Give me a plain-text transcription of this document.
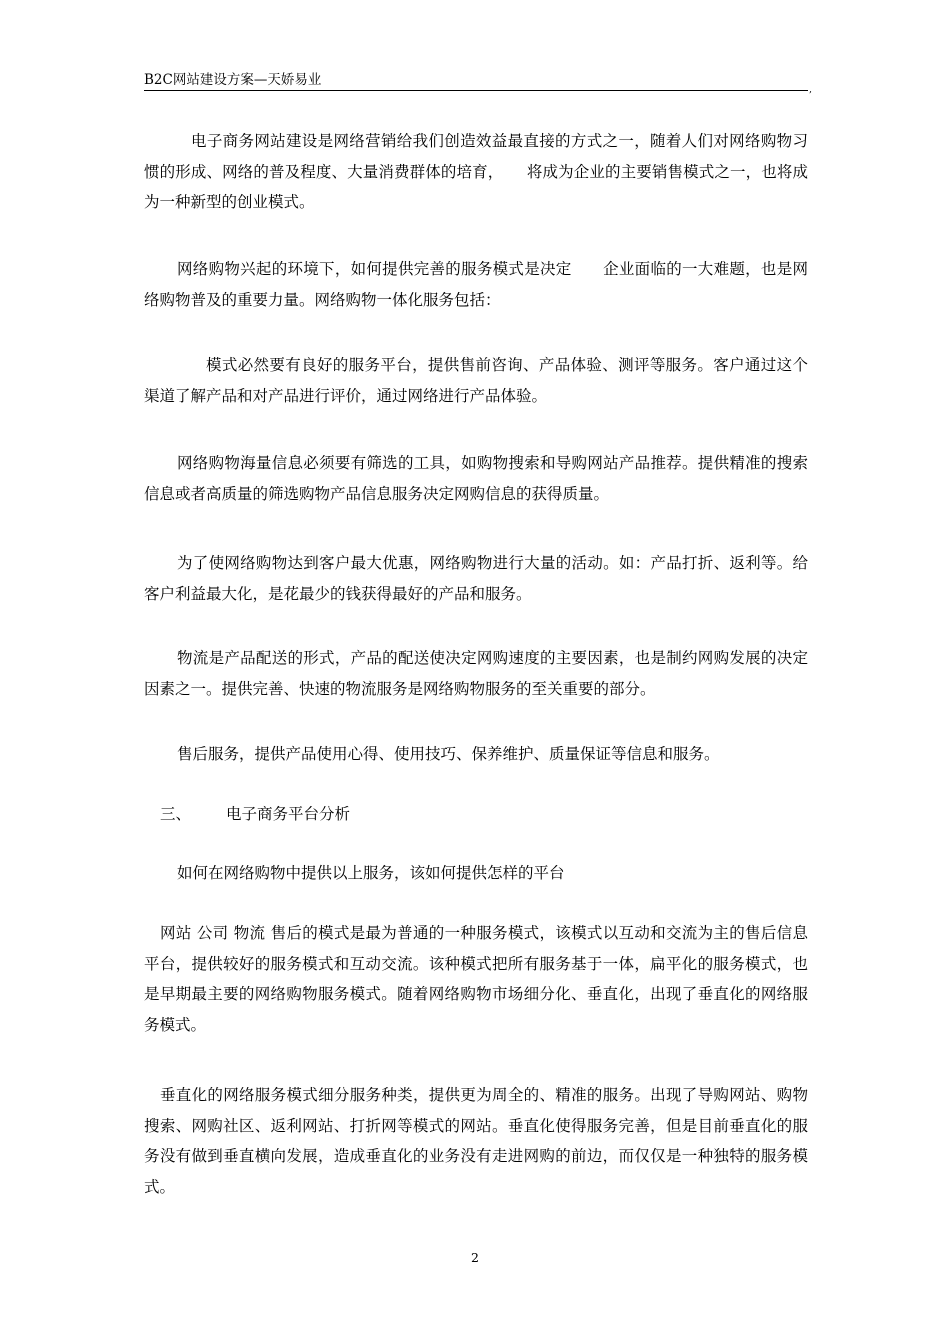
B2C网站建设方案—天娇易业
,

电子商务网站建设是网络营销给我们创造效益最直接的方式之一，随着人们对网络购物习惯的形成、网络的普及程度、大量消费群体的培育，　　将成为企业的主要销售模式之一，也将成为一种新型的创业模式。

网络购物兴起的环境下，如何提供完善的服务模式是决定　　企业面临的一大难题，也是网络购物普及的重要力量。网络购物一体化服务包括：

模式必然要有良好的服务平台，提供售前咨询、产品体验、测评等服务。客户通过这个渠道了解产品和对产品进行评价，通过网络进行产品体验。

网络购物海量信息必须要有筛选的工具，如购物搜索和导购网站产品推荐。提供精准的搜索信息或者高质量的筛选购物产品信息服务决定网购信息的获得质量。

为了使网络购物达到客户最大优惠，网络购物进行大量的活动。如：产品打折、返利等。给客户利益最大化，是花最少的钱获得最好的产品和服务。

物流是产品配送的形式，产品的配送使决定网购速度的主要因素，也是制约网购发展的决定因素之一。提供完善、快速的物流服务是网络购物服务的至关重要的部分。

售后服务，提供产品使用心得、使用技巧、保养维护、质量保证等信息和服务。

三、 电子商务平台分析

如何在网络购物中提供以上服务，该如何提供怎样的平台

网站 公司 物流 售后的模式是最为普通的一种服务模式，该模式以互动和交流为主的售后信息平台，提供较好的服务模式和互动交流。该种模式把所有服务基于一体，扁平化的服务模式，也是早期最主要的网络购物服务模式。随着网络购物市场细分化、垂直化，出现了垂直化的网络服务模式。

垂直化的网络服务模式细分服务种类，提供更为周全的、精准的服务。出现了导购网站、购物搜索、网购社区、返利网站、打折网等模式的网站。垂直化使得服务完善，但是目前垂直化的服务没有做到垂直横向发展，造成垂直化的业务没有走进网购的前边，而仅仅是一种独特的服务模式。

2
